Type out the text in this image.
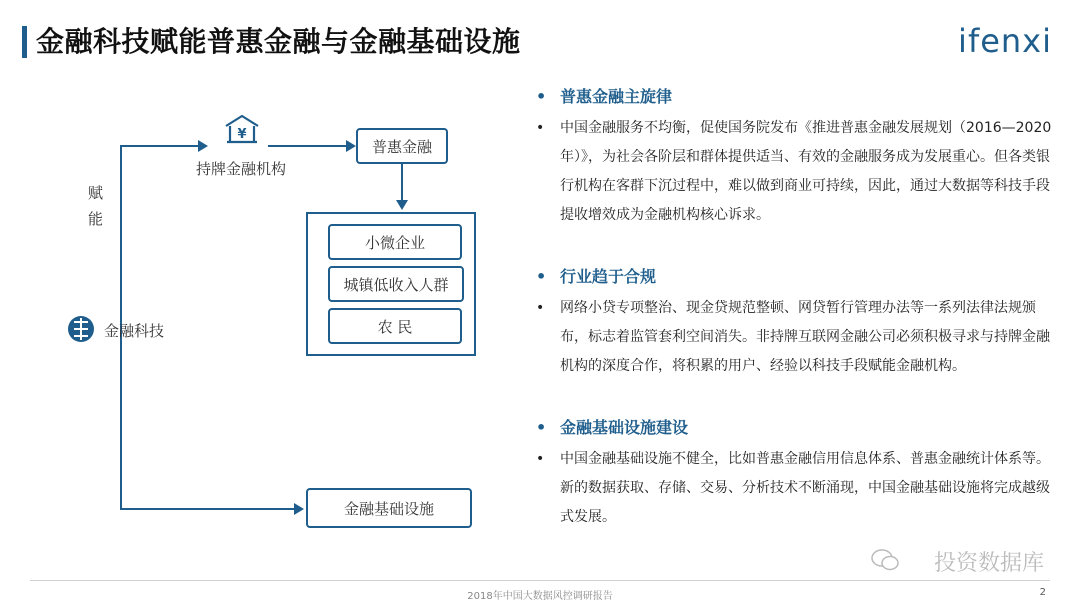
金融科技赋能普惠金融与金融基础设施	ifenxi
¥
持牌金融机构
普惠金融
小微企业
城镇低收入人群
农 民
赋
能
金融科技
金融基础设施
• 普惠金融主旋律
• 中国金融服务不均衡，促使国务院发布《推进普惠金融发展规划（2016—2020年）》，为社会各阶层和群体提供适当、有效的金融服务成为发展重心。但各类银行机构在客群下沉过程中，难以做到商业可持续，因此，通过大数据等科技手段提收增效成为金融机构核心诉求。
• 行业趋于合规
• 网络小贷专项整治、现金贷规范整顿、网贷暂行管理办法等一系列法律法规颁布，标志着监管套利空间消失。非持牌互联网金融公司必须积极寻求与持牌金融机构的深度合作，将积累的用户、经验以科技手段赋能金融机构。
• 金融基础设施建设
• 中国金融基础设施不健全，比如普惠金融信用信息体系、普惠金融统计体系等。新的数据获取、存储、交易、分析技术不断涌现，中国金融基础设施将完成越级式发展。
投资数据库
2018年中国大数据风控调研报告	2
